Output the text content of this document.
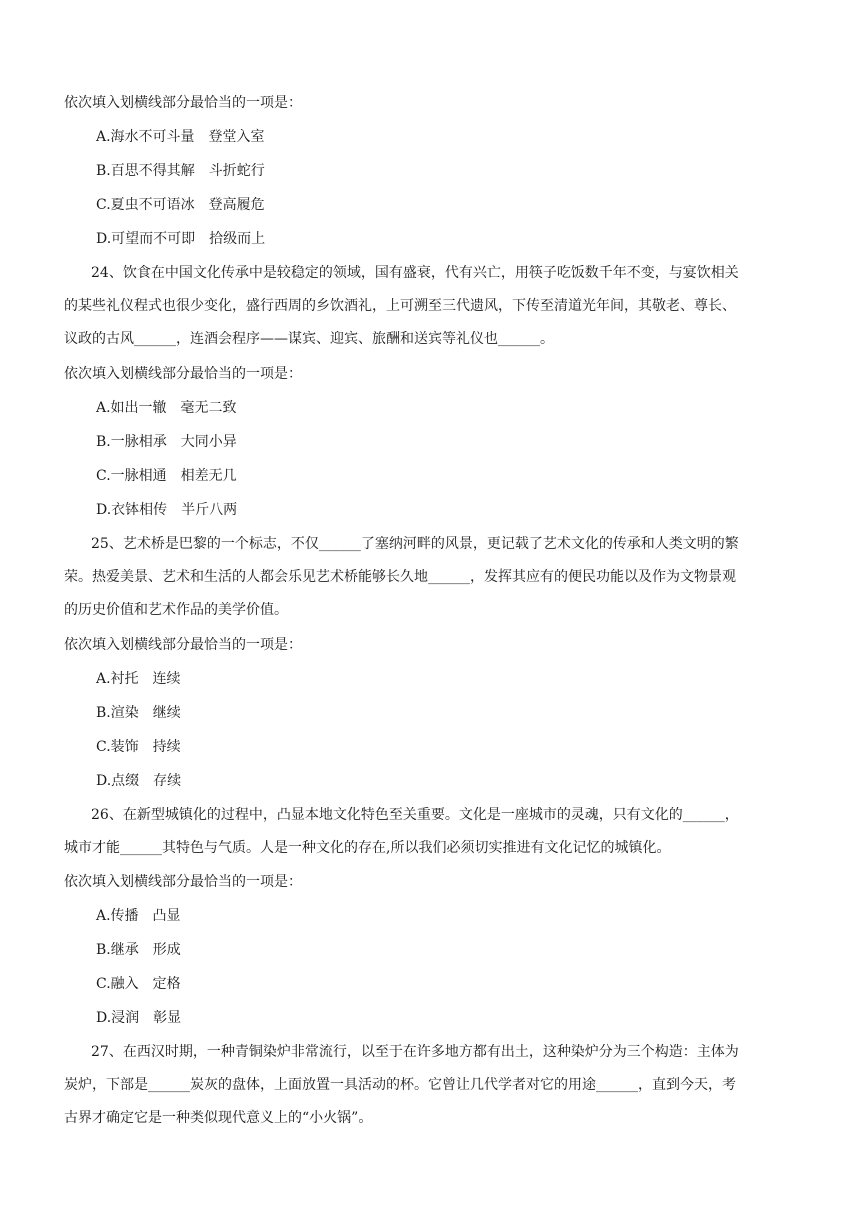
依次填入划横线部分最恰当的一项是：
A.海水不可斗量　登堂入室
B.百思不得其解　斗折蛇行
C.夏虫不可语冰　登高履危
D.可望而不可即　拾级而上
24、饮食在中国文化传承中是较稳定的领域，国有盛衰，代有兴亡，用筷子吃饭数千年不变，与宴饮相关
的某些礼仪程式也很少变化，盛行西周的乡饮酒礼，上可溯至三代遗风，下传至清道光年间，其敬老、尊长、
议政的古风______，连酒会程序——谋宾、迎宾、旅酬和送宾等礼仪也______。
依次填入划横线部分最恰当的一项是：
A.如出一辙　毫无二致
B.一脉相承　大同小异
C.一脉相通　相差无几
D.衣钵相传　半斤八两
25、艺术桥是巴黎的一个标志，不仅______了塞纳河畔的风景，更记载了艺术文化的传承和人类文明的繁
荣。热爱美景、艺术和生活的人都会乐见艺术桥能够长久地______，发挥其应有的便民功能以及作为文物景观
的历史价值和艺术作品的美学价值。
依次填入划横线部分最恰当的一项是：
A.衬托　连续
B.渲染　继续
C.装饰　持续
D.点缀　存续
26、在新型城镇化的过程中，凸显本地文化特色至关重要。文化是一座城市的灵魂，只有文化的______，
城市才能______其特色与气质。人是一种文化的存在,所以我们必须切实推进有文化记忆的城镇化。
依次填入划横线部分最恰当的一项是：
A.传播　凸显
B.继承　形成
C.融入　定格
D.浸润　彰显
27、在西汉时期，一种青铜染炉非常流行，以至于在许多地方都有出土，这种染炉分为三个构造：主体为
炭炉，下部是______炭灰的盘体，上面放置一具活动的杯。它曾让几代学者对它的用途______，直到今天，考
古界才确定它是一种类似现代意义上的“小火锅”。
